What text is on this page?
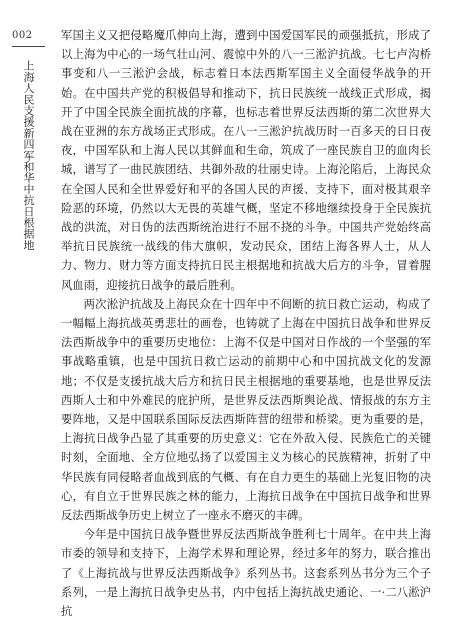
002
上海人民支援新四军和华中抗日根据地

军国主义又把侵略魔爪伸向上海，遭到中国爱国军民的顽强抵抗，形成了以上海为中心的一场气壮山河、震惊中外的八一三淞沪抗战。七七卢沟桥事变和八一三淞沪会战，标志着日本法西斯军国主义全面侵华战争的开始。在中国共产党的积极倡导和推动下，抗日民族统一战线正式形成，揭开了中国全民族全面抗战的序幕，也标志着世界反法西斯的第二次世界大战在亚洲的东方战场正式形成。在八一三淞沪抗战历时一百多天的日日夜夜，中国军队和上海人民以其鲜血和生命，筑成了一座民族自卫的血肉长城，谱写了一曲民族团结、共御外敌的壮丽史诗。上海沦陷后，上海民众在全国人民和全世界爱好和平的各国人民的声援、支持下，面对极其艰辛险恶的环境，仍然以大无畏的英雄气概，坚定不移地继续投身于全民族抗战的洪流，对日伪的法西斯统治进行不屈不挠的斗争。中国共产党始终高举抗日民族统一战线的伟大旗帜，发动民众，团结上海各界人士，从人力、物力、财力等方面支持抗日民主根据地和抗战大后方的斗争，冒着腥风血雨，迎接抗日战争的最后胜利。

两次淞沪抗战及上海民众在十四年中不间断的抗日救亡运动，构成了一幅幅上海抗战英勇悲壮的画卷，也铸就了上海在中国抗日战争和世界反法西斯战争中的重要历史地位：上海不仅是中国对日作战的一个坚强的军事战略重镇，也是中国抗日救亡运动的前期中心和中国抗战文化的发源地；不仅是支援抗战大后方和抗日民主根据地的重要基地，也是世界反法西斯人士和中外难民的庇护所，是世界反法西斯舆论战、情报战的东方主要阵地，又是中国联系国际反法西斯阵营的纽带和桥梁。更为重要的是，上海抗日战争凸显了其重要的历史意义：它在外敌入侵、民族危亡的关键时刻，全面地、全方位地弘扬了以爱国主义为核心的民族精神，折射了中华民族有同侵略者血战到底的气概、有在自力更生的基础上光复旧物的决心，有自立于世界民族之林的能力，上海抗日战争在中国抗日战争和世界反法西斯战争历史上树立了一座永不磨灭的丰碑。

今年是中国抗日战争暨世界反法西斯战争胜利七十周年。在中共上海市委的领导和支持下，上海学术界和理论界，经过多年的努力，联合推出了《上海抗战与世界反法西斯战争》系列丛书。这套系列丛书分为三个子系列，一是上海抗日战争史丛书，内中包括上海抗战史通论、一·二八淞沪抗
